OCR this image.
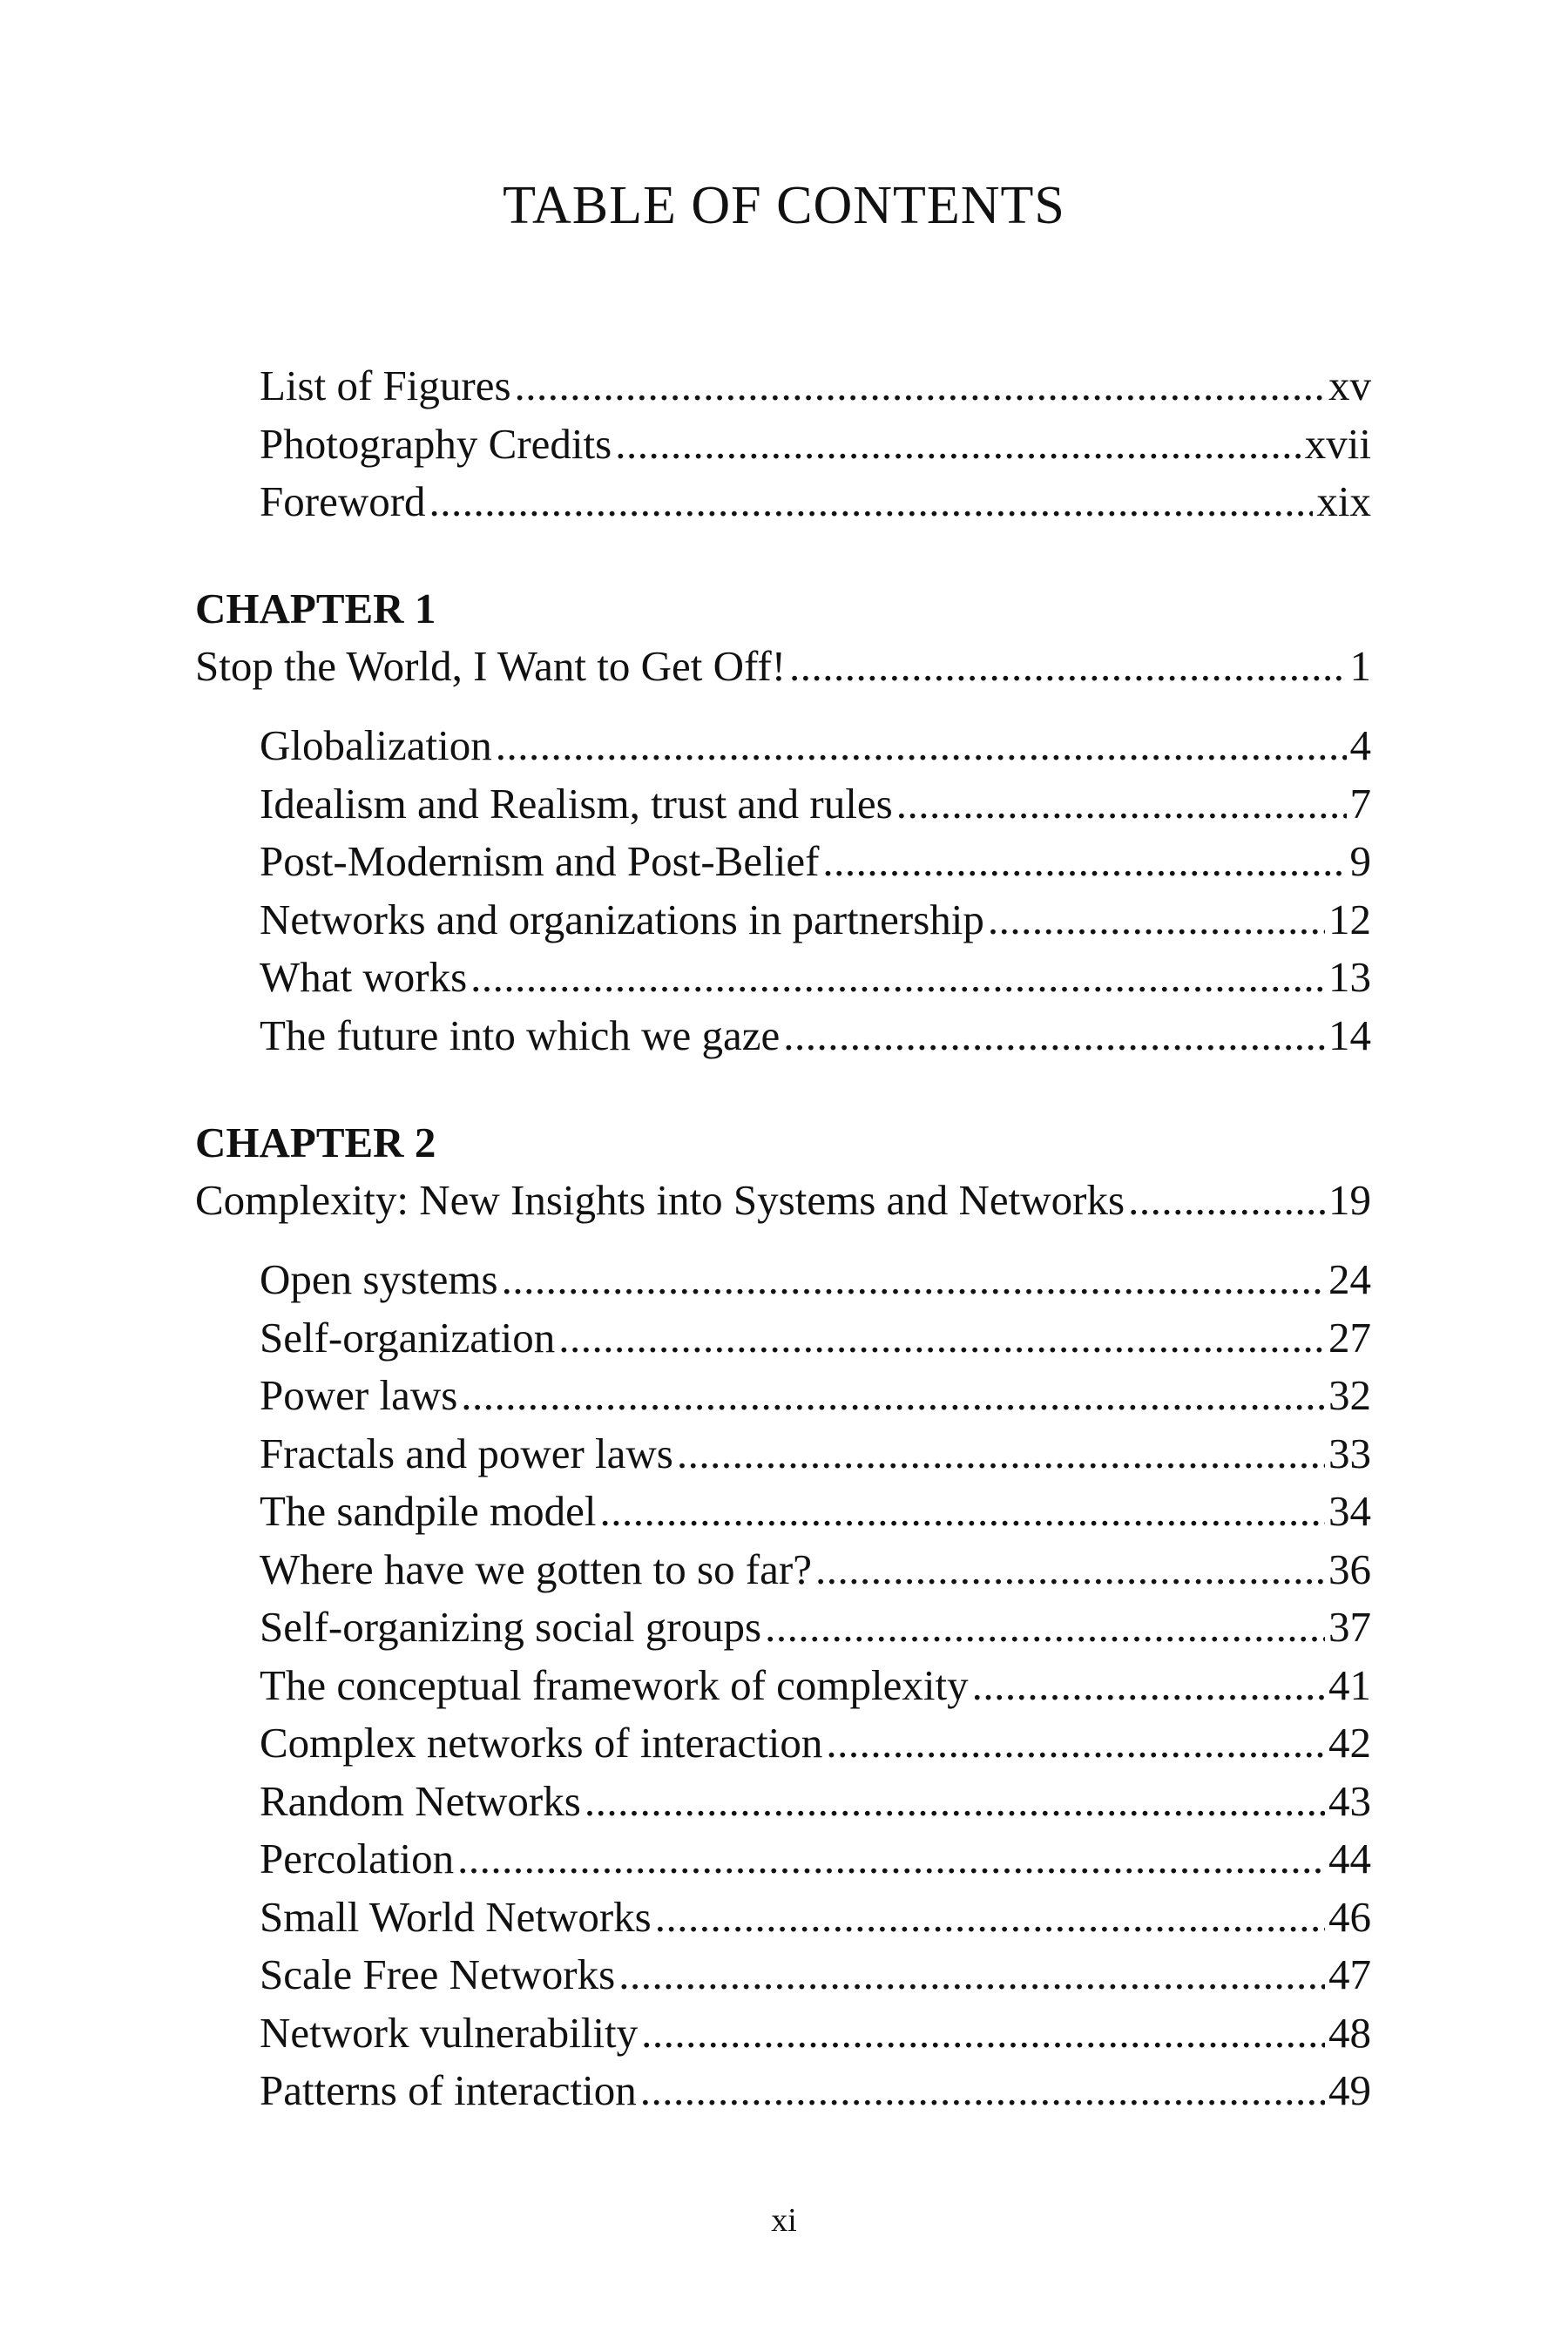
TABLE OF CONTENTS
List of Figures .....	xv
Photography Credits .....	xvii
Foreword .....	xix
CHAPTER 1
Stop the World, I Want to Get Off! .....	1
Globalization .....	4
Idealism and Realism, trust and rules .....	7
Post-Modernism and Post-Belief .....	9
Networks and organizations in partnership .....	12
What works .....	13
The future into which we gaze .....	14
CHAPTER 2
Complexity: New Insights into Systems and Networks .....	19
Open systems .....	24
Self-organization .....	27
Power laws .....	32
Fractals and power laws .....	33
The sandpile model .....	34
Where have we gotten to so far? .....	36
Self-organizing social groups .....	37
The conceptual framework of complexity .....	41
Complex networks of interaction .....	42
Random Networks .....	43
Percolation .....	44
Small World Networks .....	46
Scale Free Networks .....	47
Network vulnerability .....	48
Patterns of interaction .....	49
xi
